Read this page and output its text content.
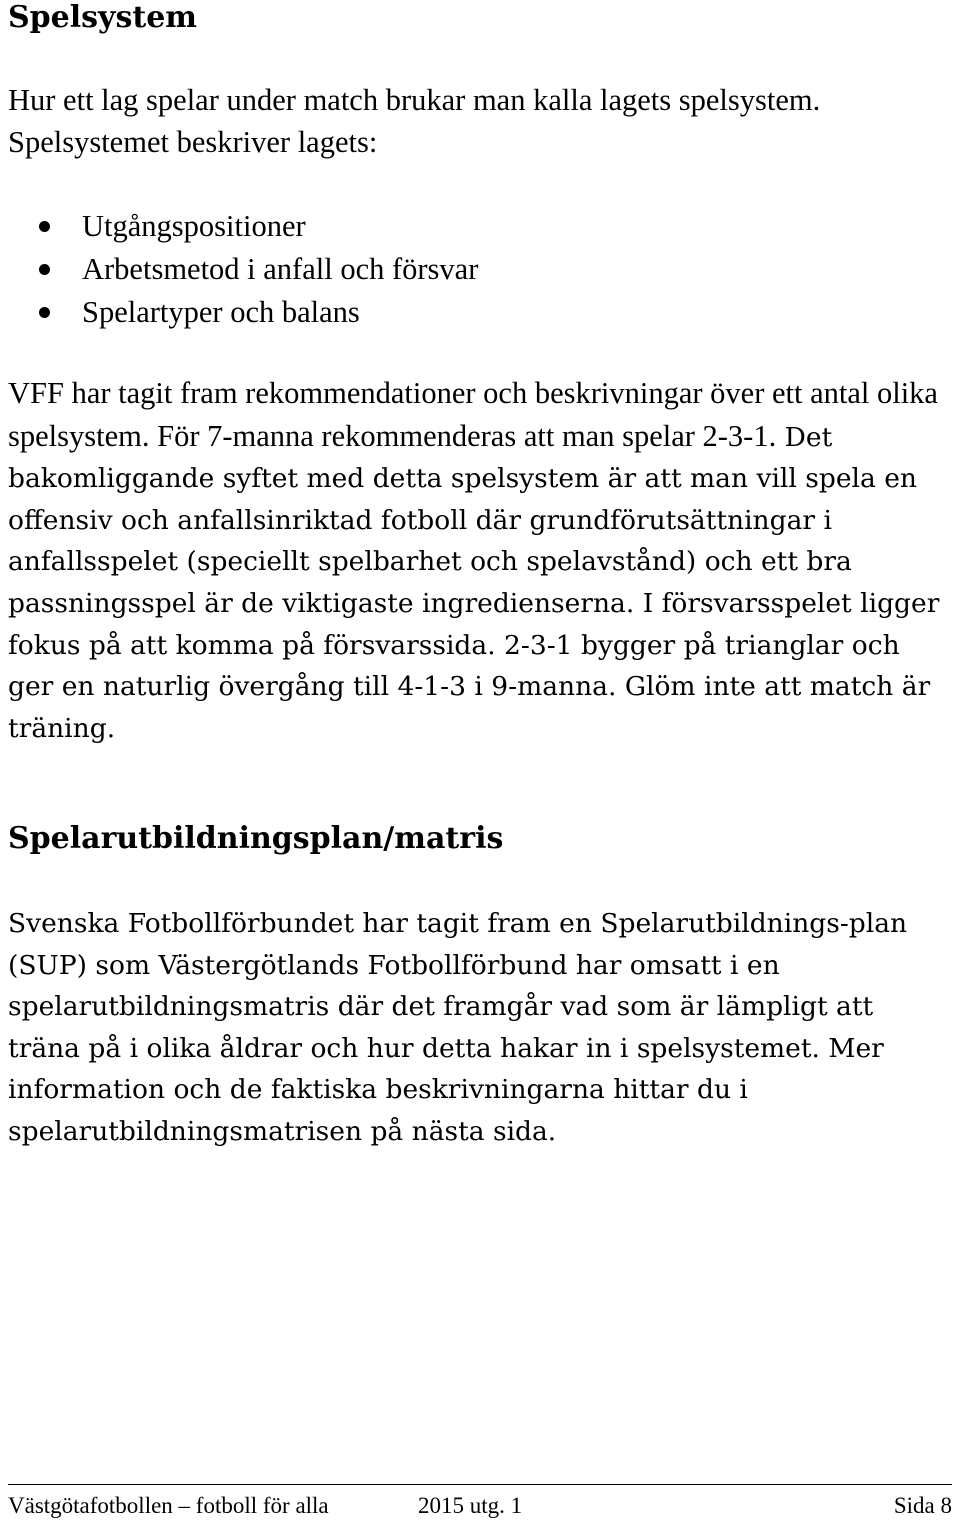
Spelsystem

Hur ett lag spelar under match brukar man kalla lagets spelsystem. Spelsystemet beskriver lagets:

Utgångspositioner
Arbetsmetod i anfall och försvar
Spelartyper och balans

VFF har tagit fram rekommendationer och beskrivningar över ett antal olika spelsystem. För 7-manna rekommenderas att man spelar 2-3-1. Det bakomliggande syftet med detta spelsystem är att man vill spela en offensiv och anfallsinriktad fotboll där grundförutsättningar i anfallsspelet (speciellt spelbarhet och spelavstånd) och ett bra passningsspel är de viktigaste ingredienserna. I försvarsspelet ligger fokus på att komma på försvarssida. 2-3-1 bygger på trianglar och ger en naturlig övergång till 4-1-3 i 9-manna. Glöm inte att match är träning.

Spelarutbildningsplan/matris

Svenska Fotbollförbundet har tagit fram en Spelarutbildnings-plan (SUP) som Västergötlands Fotbollförbund har omsatt i en spelarutbildningsmatris där det framgår vad som är lämpligt att träna på i olika åldrar och hur detta hakar in i spelsystemet. Mer information och de faktiska beskrivningarna hittar du i spelarutbildningsmatrisen på nästa sida.

Västgötafotbollen – fotboll för alla	2015 utg. 1	Sida 8
